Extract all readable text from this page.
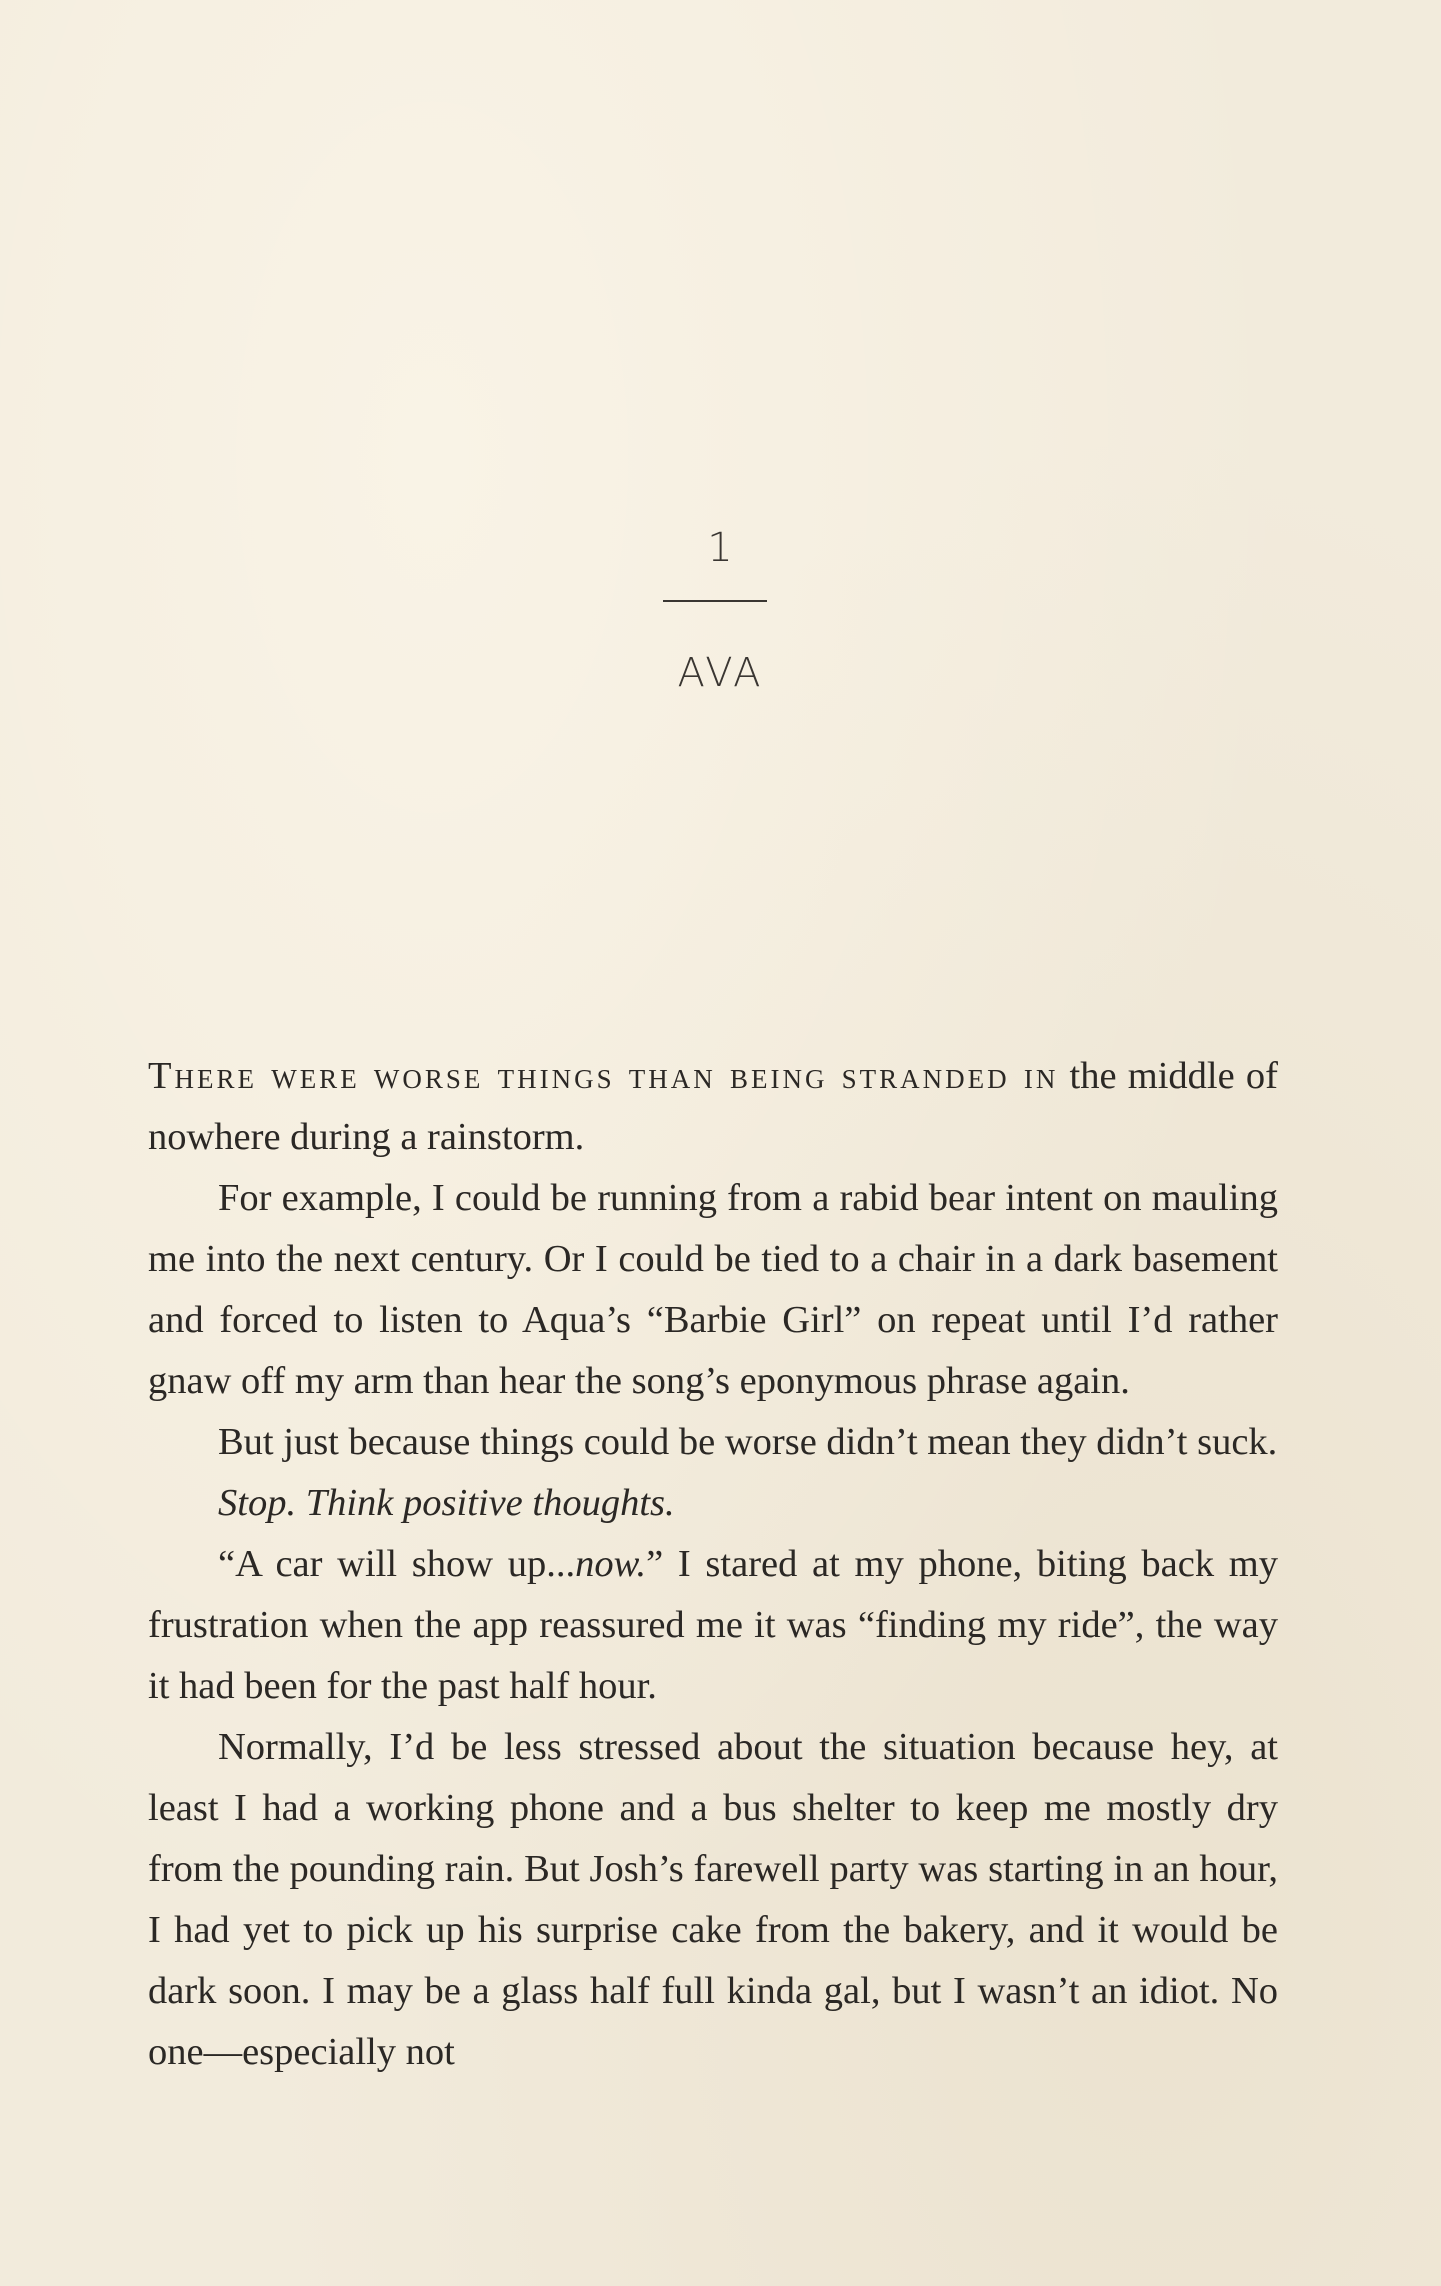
1
AVA

There were worse things than being stranded in the middle of nowhere during a rainstorm.

For example, I could be running from a rabid bear intent on mauling me into the next century. Or I could be tied to a chair in a dark basement and forced to listen to Aqua’s “Barbie Girl” on repeat until I’d rather gnaw off my arm than hear the song’s eponymous phrase again.

But just because things could be worse didn’t mean they didn’t suck.

Stop. Think positive thoughts.

“A car will show up...now.” I stared at my phone, biting back my frustration when the app reassured me it was “finding my ride”, the way it had been for the past half hour.

Normally, I’d be less stressed about the situation because hey, at least I had a working phone and a bus shelter to keep me mostly dry from the pounding rain. But Josh’s farewell party was starting in an hour, I had yet to pick up his surprise cake from the bakery, and it would be dark soon. I may be a glass half full kinda gal, but I wasn’t an idiot. No one—especially not
